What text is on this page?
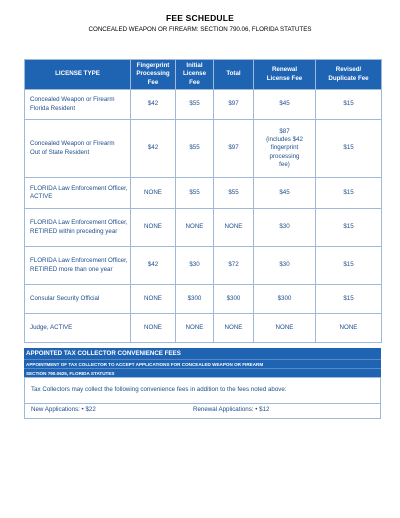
FEE SCHEDULE
CONCEALED WEAPON OR FIREARM: SECTION 790.06, FLORIDA STATUTES
LICENSE TYPE	Fingerprint
Processing
Fee	Initial
License
Fee	Total	Renewal
License Fee	Revised/
Duplicate Fee

Concealed Weapon or Firearm
Florida Resident	$42	$55	$97	$45	$15

Concealed Weapon or Firearm
Out of State Resident	$42	$55	$97	$87
(includes $42
fingerprint
processing
fee)	$15

FLORIDA Law Enforcement Officer,
ACTIVE	NONE	$55	$55	$45	$15

FLORIDA Law Enforcement Officer,
RETIRED within preceding year	NONE	NONE	NONE	$30	$15

FLORIDA Law Enforcement Officer,
RETIRED more than one year	$42	$30	$72	$30	$15

Consular Security Official	NONE	$300	$300	$300	$15

Judge, ACTIVE	NONE	NONE	NONE	NONE	NONE
APPOINTED TAX COLLECTOR CONVENIENCE FEES
APPOINTMENT OF TAX COLLECTOR TO ACCEPT APPLICATIONS FOR CONCEALED WEAPON OR FIREARM
SECTION 790.0625, FLORIDA STATUTES
Tax Collectors may collect the following convenience fees in addition to the fees noted above:
New Applications: • $22	Renewal Applications: • $12
